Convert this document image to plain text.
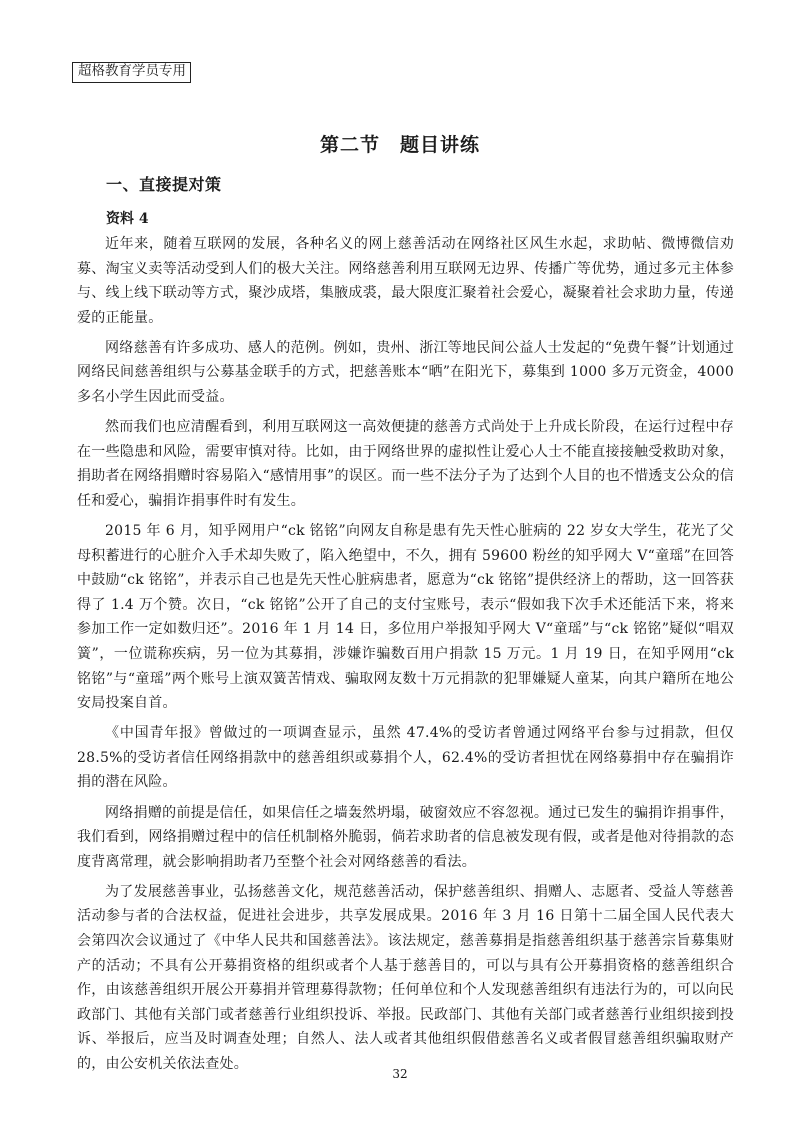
超格教育学员专用
第二节　题目讲练
一、直接提对策
资料 4

近年来，随着互联网的发展，各种名义的网上慈善活动在网络社区风生水起，求助帖、微博微信劝募、淘宝义卖等活动受到人们的极大关注。网络慈善利用互联网无边界、传播广等优势，通过多元主体参与、线上线下联动等方式，聚沙成塔，集腋成裘，最大限度汇聚着社会爱心，凝聚着社会求助力量，传递爱的正能量。

网络慈善有许多成功、感人的范例。例如，贵州、浙江等地民间公益人士发起的“免费午餐”计划通过网络民间慈善组织与公募基金联手的方式，把慈善账本“晒”在阳光下，募集到 1000 多万元资金，4000 多名小学生因此而受益。

然而我们也应清醒看到，利用互联网这一高效便捷的慈善方式尚处于上升成长阶段，在运行过程中存在一些隐患和风险，需要审慎对待。比如，由于网络世界的虚拟性让爱心人士不能直接接触受救助对象，捐助者在网络捐赠时容易陷入“感情用事”的误区。而一些不法分子为了达到个人目的也不惜透支公众的信任和爱心，骗捐诈捐事件时有发生。

2015 年 6 月，知乎网用户“ck 铭铭”向网友自称是患有先天性心脏病的 22 岁女大学生，花光了父母积蓄进行的心脏介入手术却失败了，陷入绝望中，不久，拥有 59600 粉丝的知乎网大 V“童瑶”在回答中鼓励“ck 铭铭”，并表示自己也是先天性心脏病患者，愿意为“ck 铭铭”提供经济上的帮助，这一回答获得了 1.4 万个赞。次日，“ck 铭铭”公开了自己的支付宝账号，表示“假如我下次手术还能活下来，将来参加工作一定如数归还”。2016 年 1 月 14 日，多位用户举报知乎网大 V“童瑶”与“ck 铭铭”疑似“唱双簧”，一位谎称疾病，另一位为其募捐，涉嫌诈骗数百用户捐款 15 万元。1 月 19 日，在知乎网用“ck 铭铭”与“童瑶”两个账号上演双簧苦情戏、骗取网友数十万元捐款的犯罪嫌疑人童某，向其户籍所在地公安局投案自首。

《中国青年报》曾做过的一项调查显示，虽然 47.4%的受访者曾通过网络平台参与过捐款，但仅 28.5%的受访者信任网络捐款中的慈善组织或募捐个人，62.4%的受访者担忧在网络募捐中存在骗捐诈捐的潜在风险。

网络捐赠的前提是信任，如果信任之墙轰然坍塌，破窗效应不容忽视。通过已发生的骗捐诈捐事件，我们看到，网络捐赠过程中的信任机制格外脆弱，倘若求助者的信息被发现有假，或者是他对待捐款的态度背离常理，就会影响捐助者乃至整个社会对网络慈善的看法。

为了发展慈善事业，弘扬慈善文化，规范慈善活动，保护慈善组织、捐赠人、志愿者、受益人等慈善活动参与者的合法权益，促进社会进步，共享发展成果。2016 年 3 月 16 日第十二届全国人民代表大会第四次会议通过了《中华人民共和国慈善法》。该法规定，慈善募捐是指慈善组织基于慈善宗旨募集财产的活动；不具有公开募捐资格的组织或者个人基于慈善目的，可以与具有公开募捐资格的慈善组织合作，由该慈善组织开展公开募捐并管理募得款物；任何单位和个人发现慈善组织有违法行为的，可以向民政部门、其他有关部门或者慈善行业组织投诉、举报。民政部门、其他有关部门或者慈善行业组织接到投诉、举报后，应当及时调查处理；自然人、法人或者其他组织假借慈善名义或者假冒慈善组织骗取财产的，由公安机关依法查处。

32
